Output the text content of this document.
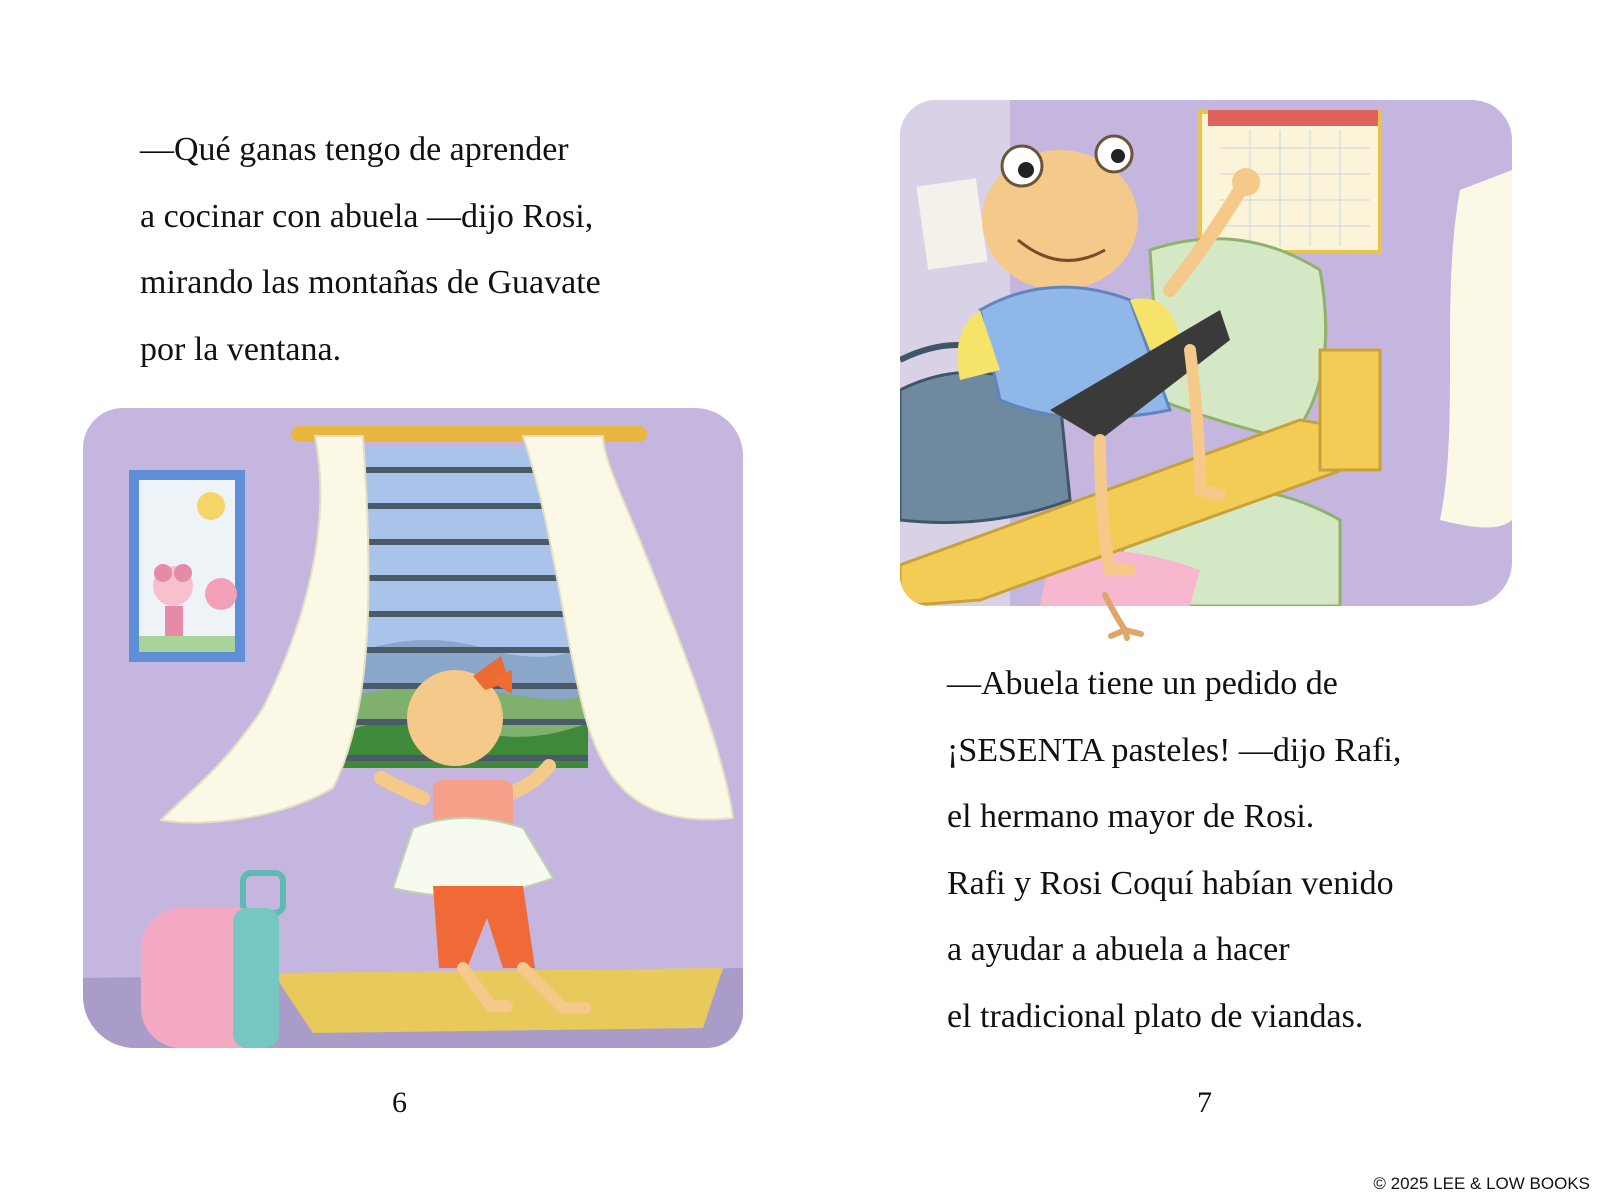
—Qué ganas tengo de aprender
a cocinar con abuela —dijo Rosi,
mirando las montañas de Guavate
por la ventana.
—Abuela tiene un pedido de
¡SESENTA pasteles! —dijo Rafi,
el hermano mayor de Rosi.
Rafi y Rosi Coquí habían venido
a ayudar a abuela a hacer
el tradicional plato de viandas.
6	7
© 2025 LEE & LOW BOOKS
